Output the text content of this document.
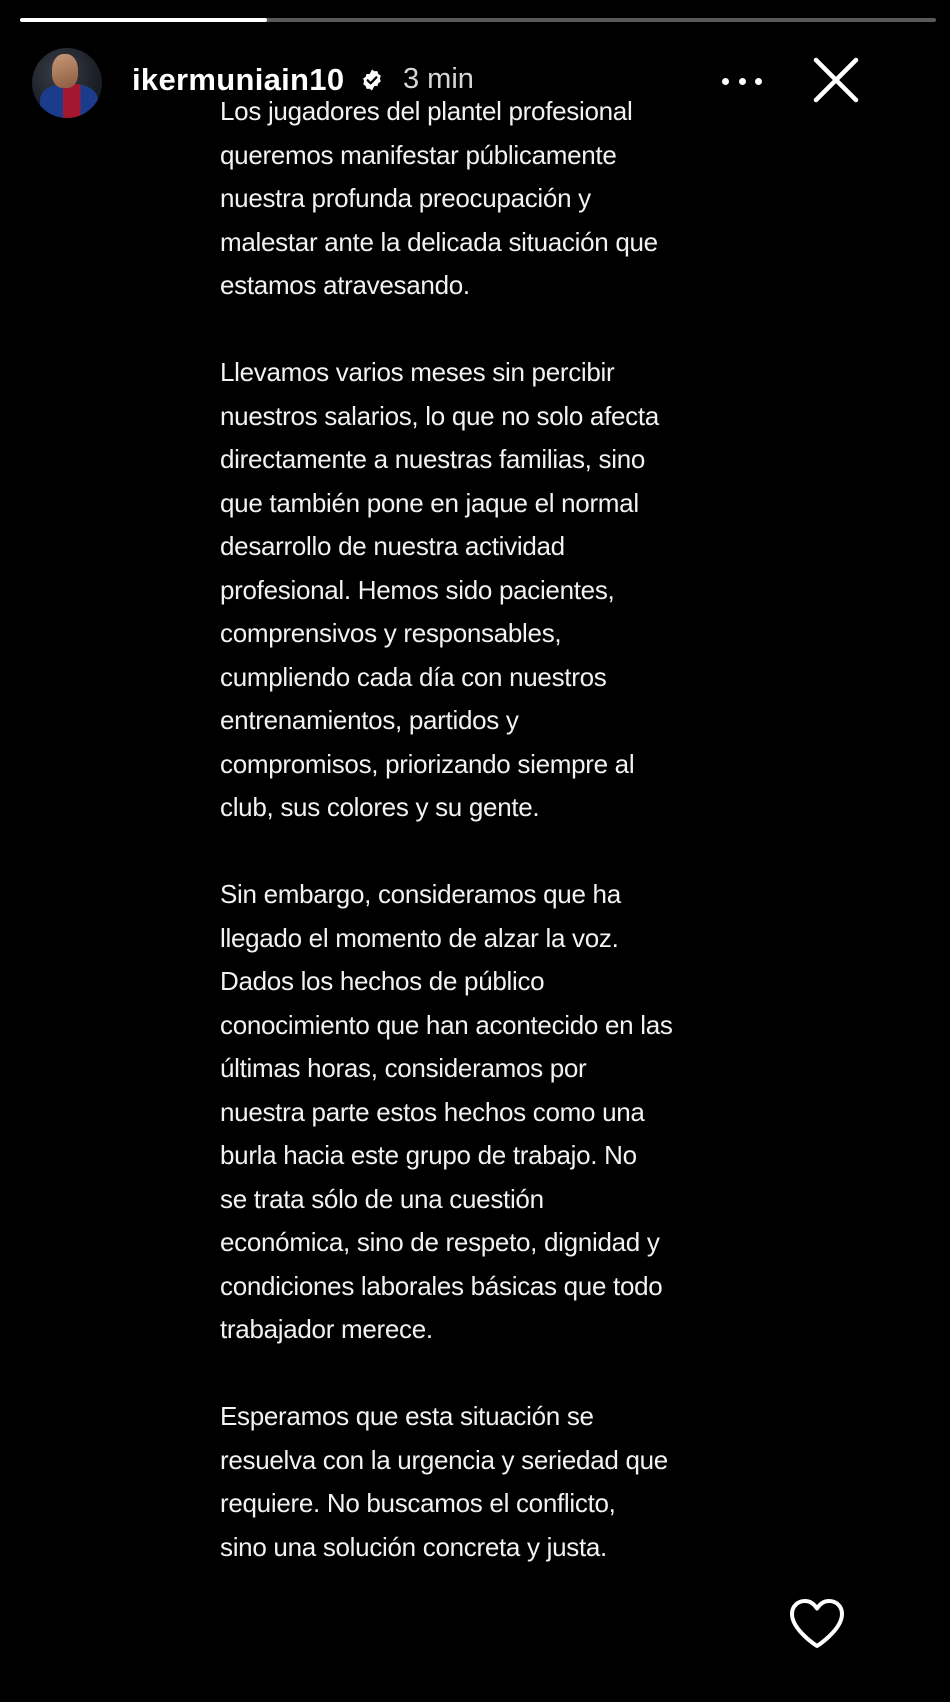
ikermuniain10 3 min

Los jugadores del plantel profesional
queremos manifestar públicamente
nuestra profunda preocupación y
malestar ante la delicada situación que
estamos atravesando.

Llevamos varios meses sin percibir
nuestros salarios, lo que no solo afecta
directamente a nuestras familias, sino
que también pone en jaque el normal
desarrollo de nuestra actividad
profesional. Hemos sido pacientes,
comprensivos y responsables,
cumpliendo cada día con nuestros
entrenamientos, partidos y
compromisos, priorizando siempre al
club, sus colores y su gente.

Sin embargo, consideramos que ha
llegado el momento de alzar la voz.
Dados los hechos de público
conocimiento que han acontecido en las
últimas horas, consideramos por
nuestra parte estos hechos como una
burla hacia este grupo de trabajo. No
se trata sólo de una cuestión
económica, sino de respeto, dignidad y
condiciones laborales básicas que todo
trabajador merece.

Esperamos que esta situación se
resuelva con la urgencia y seriedad que
requiere. No buscamos el conflicto,
sino una solución concreta y justa.
